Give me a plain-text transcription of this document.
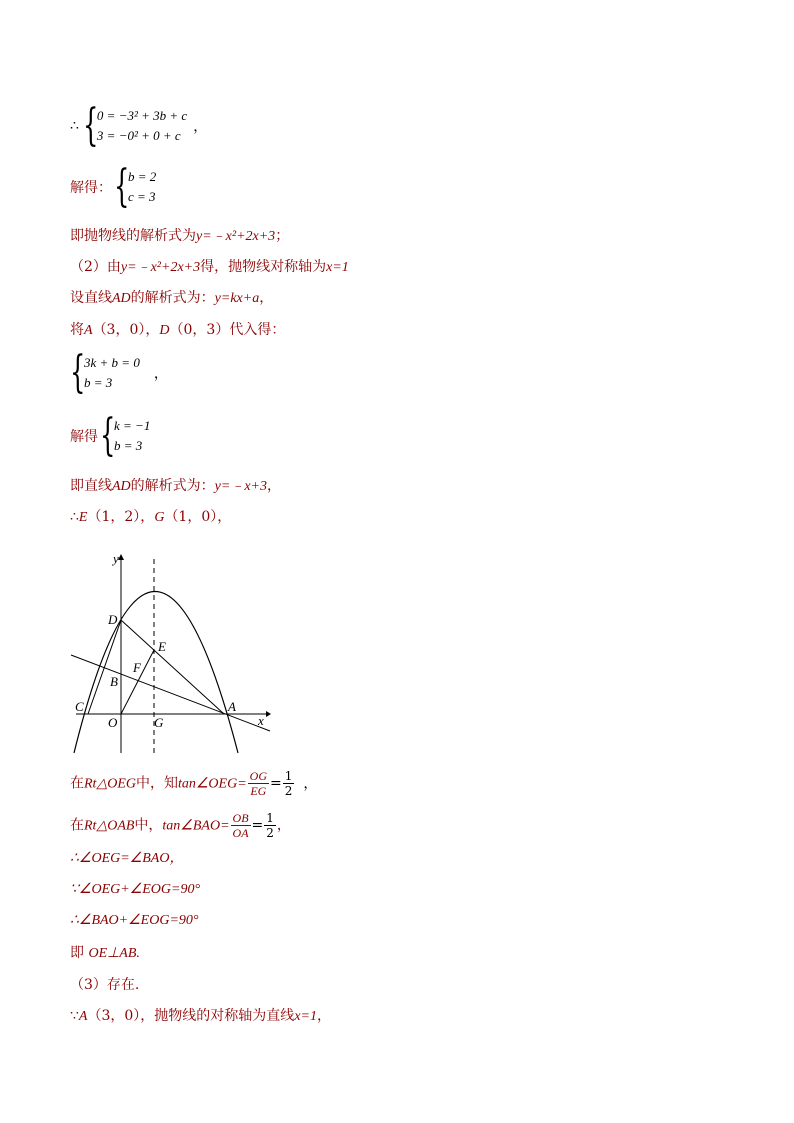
∴ {
0 = −3² + 3b + c
3 = −0² + 0 + c
，
解得： {
b = 2
c = 3
即抛物线的解析式为y=﹣x²+2x+3；
（2）由y=﹣x²+2x+3得，抛物线对称轴为x=1
设直线AD的解析式为：y=kx+a，
将A（3，0），D（0，3）代入得：
{
3k + b = 0
b = 3
，
解得 {
k = −1
b = 3
即直线AD的解析式为：y=﹣x+3，
∴E（1，2），G（1，0），
y
x
D
E
F
B
C
O	G
A
在Rt△OEG中，知tan∠OEG= $\frac{OG}{EG} = \frac{1}{2}$ ，
在Rt△OAB中，tan∠BAO= $\frac{OB}{OA} = \frac{1}{2}$ ，
∴∠OEG=∠BAO，
∵∠OEG+∠EOG=90°
∴∠BAO+∠EOG=90°
即 OE⊥AB.
（3）存在.
∵A（3，0），抛物线的对称轴为直线x=1，
